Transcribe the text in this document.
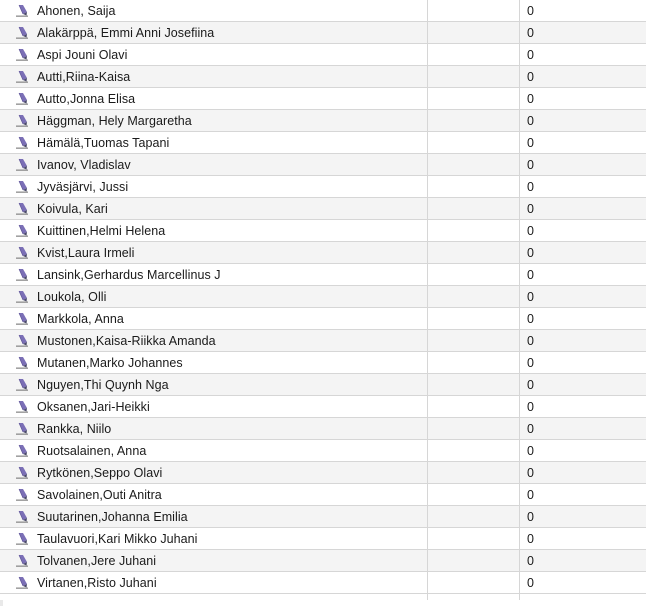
Ahonen, Saija	0
Alakärppä, Emmi Anni Josefiina	0
Aspi Jouni Olavi	0
Autti,Riina-Kaisa	0
Autto,Jonna Elisa	0
Häggman, Hely Margaretha	0
Hämälä,Tuomas Tapani	0
Ivanov, Vladislav	0
Jyväsjärvi, Jussi	0
Koivula, Kari	0
Kuittinen,Helmi Helena	0
Kvist,Laura Irmeli	0
Lansink,Gerhardus Marcellinus J	0
Loukola, Olli	0
Markkola, Anna	0
Mustonen,Kaisa-Riikka Amanda	0
Mutanen,Marko Johannes	0
Nguyen,Thi Quynh Nga	0
Oksanen,Jari-Heikki	0
Rankka, Niilo	0
Ruotsalainen, Anna	0
Rytkönen,Seppo Olavi	0
Savolainen,Outi Anitra	0
Suutarinen,Johanna Emilia	0
Taulavuori,Kari Mikko Juhani	0
Tolvanen,Jere Juhani	0
Virtanen,Risto Juhani	0
